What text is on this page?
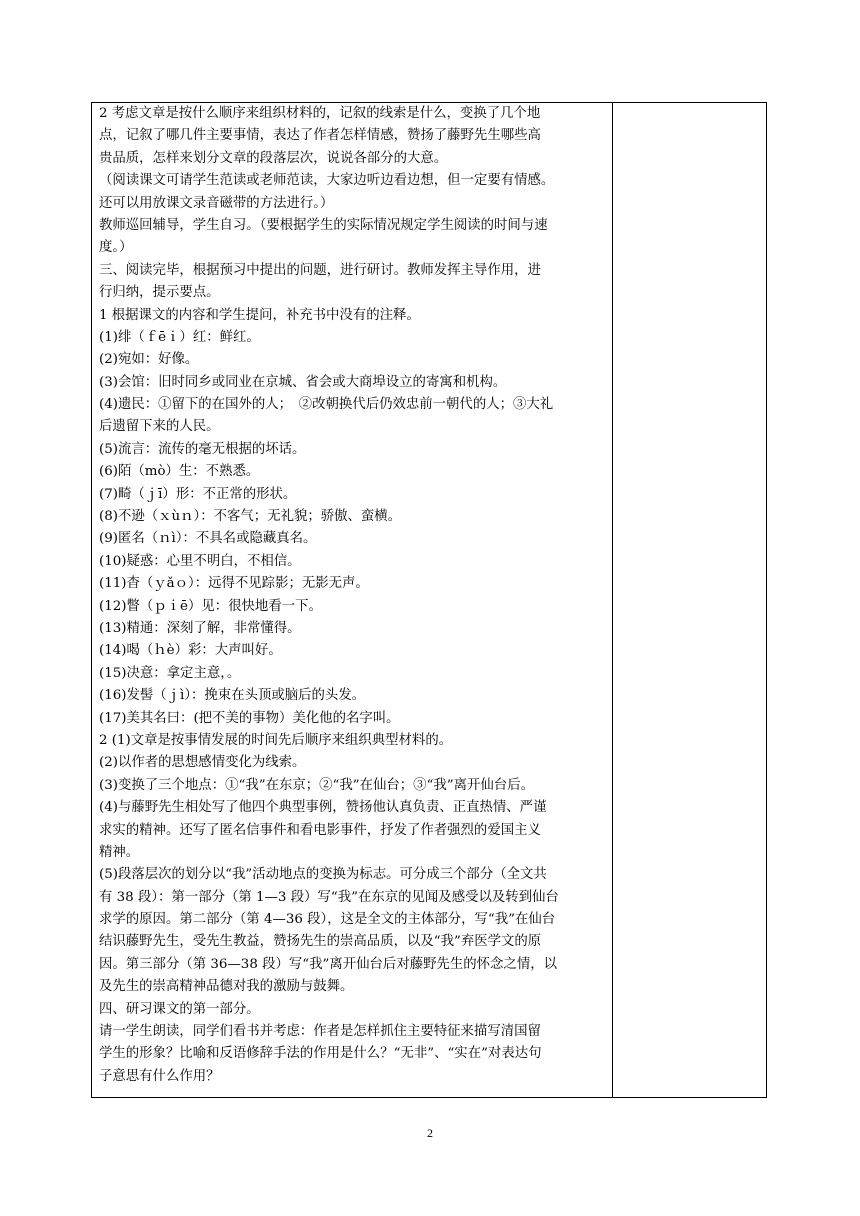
2 考虑文章是按什么顺序来组织材料的，记叙的线索是什么，变换了几个地
点，记叙了哪几件主要事情，表达了作者怎样情感，赞扬了藤野先生哪些高
贵品质，怎样来划分文章的段落层次，说说各部分的大意。
（阅读课文可请学生范读或老师范读，大家边听边看边想，但一定要有情感。
还可以用放课文录音磁带的方法进行。）
教师巡回辅导，学生自习。（要根据学生的实际情况规定学生阅读的时间与速
度。）
三、阅读完毕，根据预习中提出的问题，进行研讨。教师发挥主导作用，进
行归纳，提示要点。
1 根据课文的内容和学生提问，补充书中没有的注释。
(1)绯（ｆēｉ）红：鲜红。
(2)宛如：好像。
(3)会馆：旧时同乡或同业在京城、省会或大商埠设立的寄寓和机构。
(4)遗民：①留下的在国外的人；　②改朝换代后仍效忠前一朝代的人；③大礼
后遗留下来的人民。
(5)流言：流传的毫无根据的坏话。
(6)陌（mò）生：不熟悉。
(7)畸（ｊī）形：不正常的形状。
(8)不逊（ｘùｎ）：不客气；无礼貌；骄傲、蛮横。
(9)匿名（ｎì）：不具名或隐藏真名。
(10)疑惑：心里不明白，不相信。
(11)杳（ｙǎｏ）：远得不见踪影；无影无声。
(12)瞥（ｐｉē）见：很快地看一下。
(13)精通：深刻了解，非常懂得。
(14)喝（ｈè）彩：大声叫好。
(15)决意：拿定主意，。
(16)发髻（ｊì）：挽束在头顶或脑后的头发。
(17)美其名曰：(把不美的事物）美化他的名字叫。
2 (1)文章是按事情发展的时间先后顺序来组织典型材料的。
(2)以作者的思想感情变化为线索。
(3)变换了三个地点：①“我”在东京；②“我”在仙台；③“我”离开仙台后。
(4)与藤野先生相处写了他四个典型事例，赞扬他认真负责、正直热情、严谨
求实的精神。还写了匿名信事件和看电影事件，抒发了作者强烈的爱国主义
精神。
(5)段落层次的划分以“我”活动地点的变换为标志。可分成三个部分（全文共
有 38 段）：第一部分（第 1—3 段）写“我”在东京的见闻及感受以及转到仙台
求学的原因。第二部分（第 4—36 段），这是全文的主体部分，写“我”在仙台
结识藤野先生，受先生教益，赞扬先生的崇高品质，以及“我”弃医学文的原
因。第三部分（第 36—38 段）写“我”离开仙台后对藤野先生的怀念之情，以
及先生的崇高精神品德对我的激励与鼓舞。
四、研习课文的第一部分。
请一学生朗读，同学们看书并考虑：作者是怎样抓住主要特征来描写清国留
学生的形象？比喻和反语修辞手法的作用是什么？“无非”、“实在”对表达句
子意思有什么作用？
2
